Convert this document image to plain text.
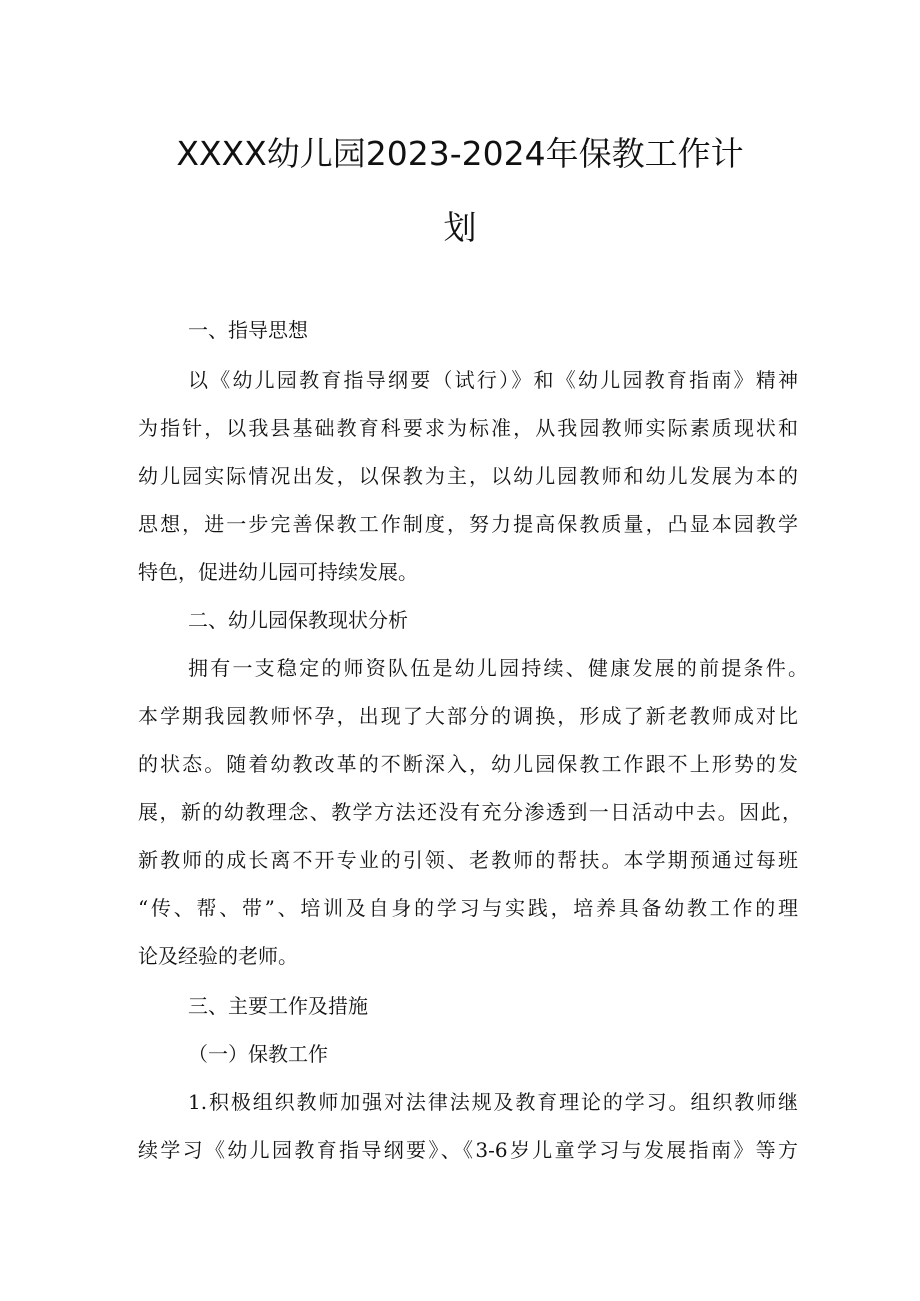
XXXX幼儿园2023-2024年保教工作计
划

一、指导思想

以《幼儿园教育指导纲要（试行）》和《幼儿园教育指南》精神

为指针，以我县基础教育科要求为标准，从我园教师实际素质现状和

幼儿园实际情况出发，以保教为主，以幼儿园教师和幼儿发展为本的

思想，进一步完善保教工作制度，努力提高保教质量，凸显本园教学

特色，促进幼儿园可持续发展。

二、幼儿园保教现状分析

拥有一支稳定的师资队伍是幼儿园持续、健康发展的前提条件。

本学期我园教师怀孕，出现了大部分的调换，形成了新老教师成对比

的状态。随着幼教改革的不断深入，幼儿园保教工作跟不上形势的发

展，新的幼教理念、教学方法还没有充分渗透到一日活动中去。因此，

新教师的成长离不开专业的引领、老教师的帮扶。本学期预通过每班

“传、帮、带”、培训及自身的学习与实践，培养具备幼教工作的理

论及经验的老师。

三、主要工作及措施

（一）保教工作

1.积极组织教师加强对法律法规及教育理论的学习。组织教师继

续学习《幼儿园教育指导纲要》、《3-6岁儿童学习与发展指南》等方
